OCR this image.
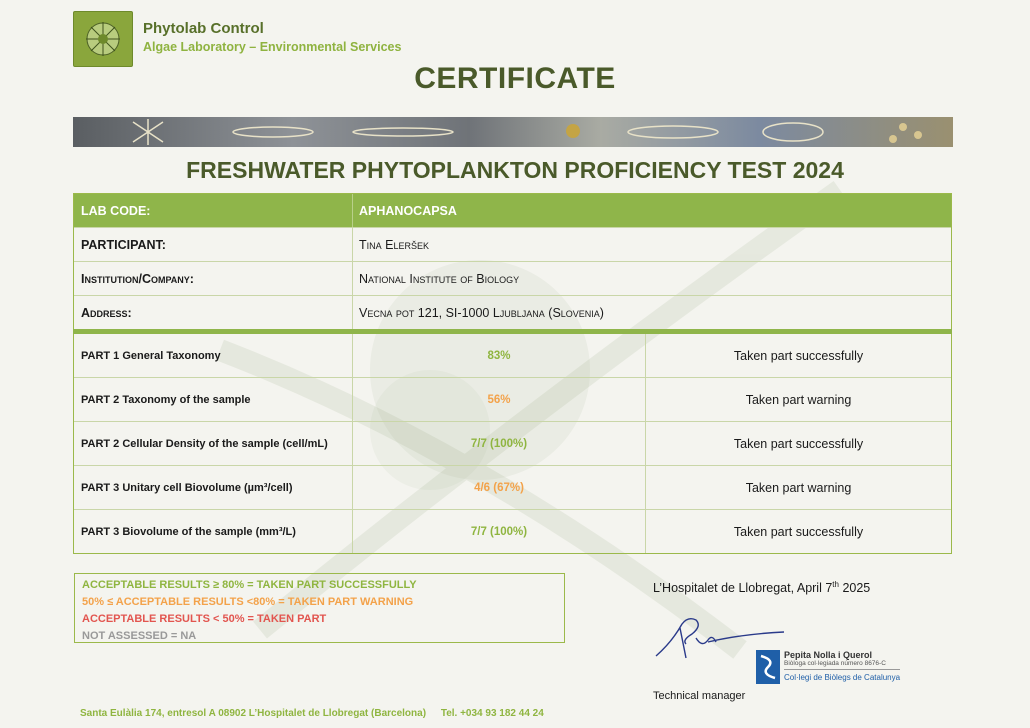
Phytolab Control
Algae Laboratory – Environmental Services
CERTIFICATE
FRESHWATER PHYTOPLANKTON PROFICIENCY TEST 2024
LAB CODE:	APHANOCAPSA
PARTICIPANT:	Tina Eleršek
Institution/Company:	National Institute of Biology
Address:	Vecna pot 121, SI-1000 Ljubljana (Slovenia)
PART 1 General Taxonomy	83%	Taken part successfully
PART 2 Taxonomy of the sample	56%	Taken part warning
PART 2 Cellular Density of the sample (cell/mL)	7/7 (100%)	Taken part successfully
PART 3 Unitary cell Biovolume (µm³/cell)	4/6 (67%)	Taken part warning
PART 3 Biovolume of the sample (mm³/L)	7/7 (100%)	Taken part successfully
ACCEPTABLE RESULTS ≥ 80% = TAKEN PART SUCCESSFULLY
50% ≤ ACCEPTABLE RESULTS <80% = TAKEN PART WARNING
ACCEPTABLE RESULTS < 50% = TAKEN PART
NOT ASSESSED = NA
L’Hospitalet de Llobregat, April 7th 2025
Pepita Nolla i Querol
Biòloga col·legiada número 8676-C
Col·legi de Biòlegs de Catalunya
Technical manager
Santa Eulàlia 174, entresol A 08902 L’Hospitalet de Llobregat (Barcelona) Tel. +034 93 182 44 24
